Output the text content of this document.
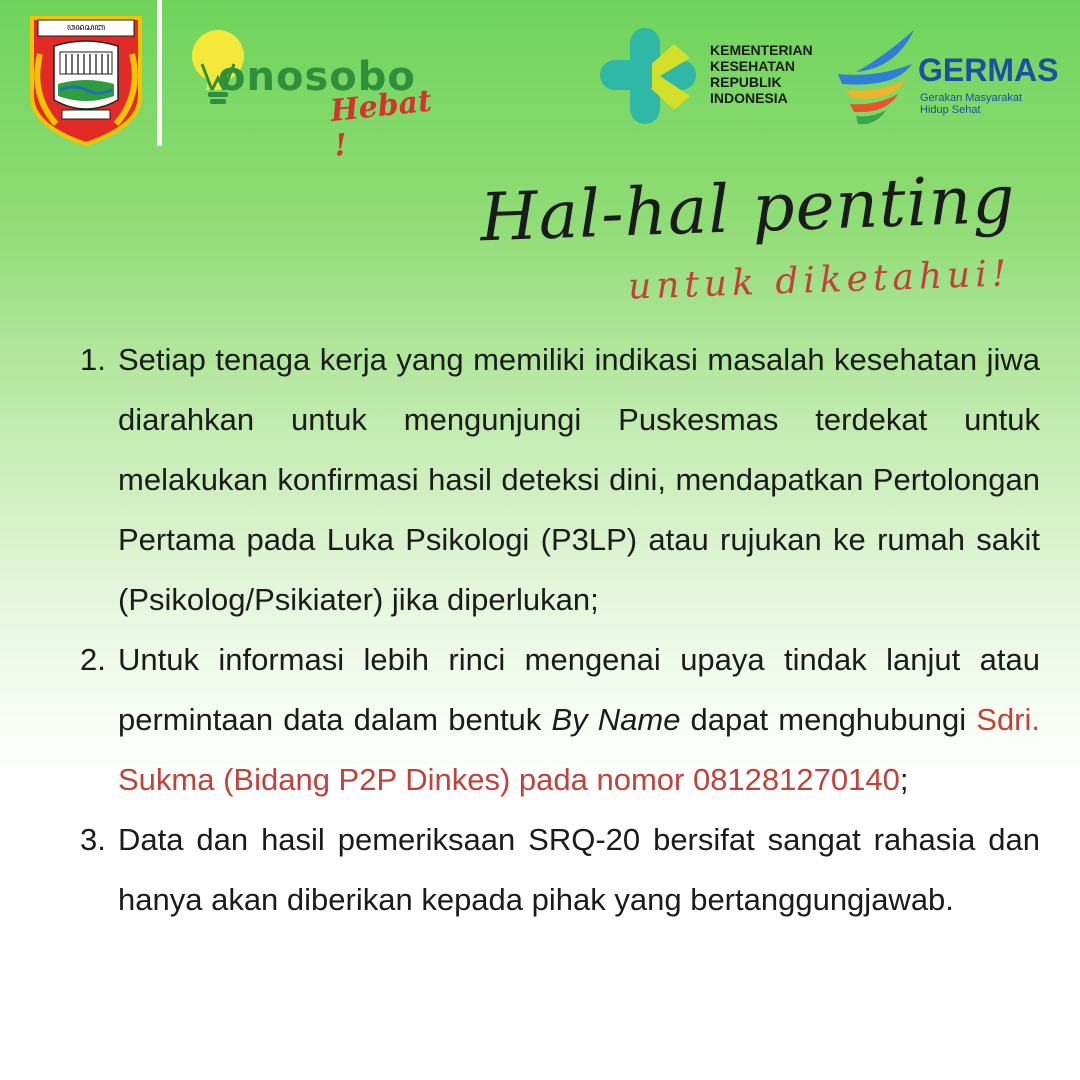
ꦮꦤꦱꦧ
onosobo
Hebat !
KEMENTERIAN
KESEHATAN
REPUBLIK
INDONESIA
GERMAS
Gerakan Masyarakat
Hidup Sehat
Hal-hal penting
untuk diketahui!
1. Setiap tenaga kerja yang memiliki indikasi masalah kesehatan jiwa diarahkan untuk mengunjungi Puskesmas terdekat untuk melakukan konfirmasi hasil deteksi dini, mendapatkan Pertolongan Pertama pada Luka Psikologi (P3LP) atau rujukan ke rumah sakit (Psikolog/Psikiater) jika diperlukan;
2. Untuk informasi lebih rinci mengenai upaya tindak lanjut atau permintaan data dalam bentuk By Name dapat menghubungi Sdri. Sukma (Bidang P2P Dinkes) pada nomor 081281270140;
3. Data dan hasil pemeriksaan SRQ-20 bersifat sangat rahasia dan hanya akan diberikan kepada pihak yang bertanggungjawab.
